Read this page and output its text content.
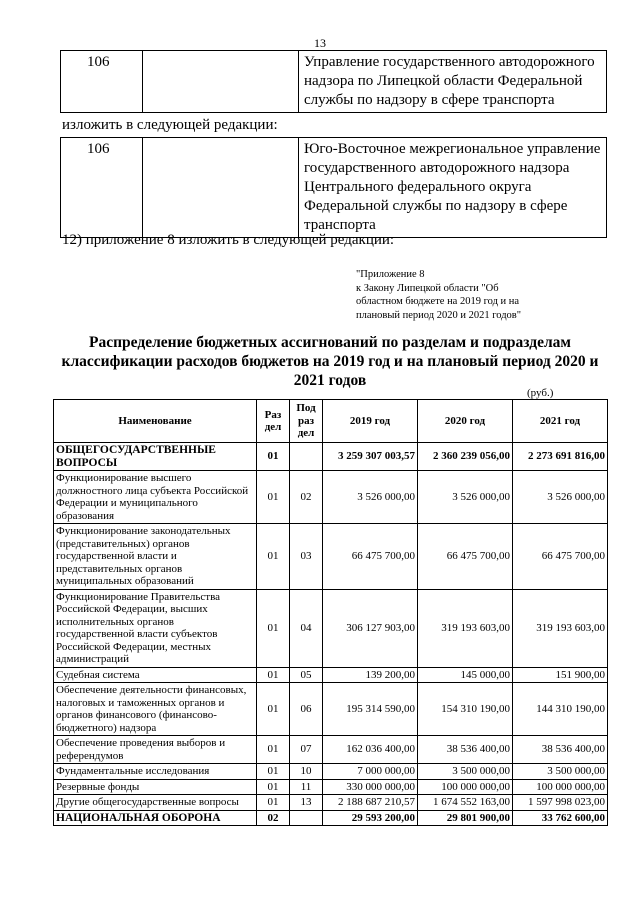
13
106		Управление государственного автодорожного надзора по Липецкой области Федеральной службы по надзору в сфере транспорта
изложить в следующей редакции:
106		Юго-Восточное межрегиональное управление государственного автодорожного надзора Центрального федерального округа Федеральной службы по надзору в сфере транспорта
12) приложение 8 изложить в следующей редакции:
"Приложение 8
к Закону Липецкой области "Об
областном бюджете на 2019 год и на
плановый период 2020 и 2021 годов"
Распределение бюджетных ассигнований по разделам и подразделам классификации расходов бюджетов на 2019 год и на плановый период 2020 и 2021 годов
(руб.)
Наименование	Раз дел	Под раз дел	2019 год	2020 год	2021 год
ОБЩЕГОСУДАРСТВЕННЫЕ ВОПРОСЫ	01		3 259 307 003,57	2 360 239 056,00	2 273 691 816,00
Функционирование высшего должностного лица субъекта Российской Федерации и муниципального образования	01	02	3 526 000,00	3 526 000,00	3 526 000,00
Функционирование законодательных (представительных) органов государственной власти и представительных органов муниципальных образований	01	03	66 475 700,00	66 475 700,00	66 475 700,00
Функционирование Правительства Российской Федерации, высших исполнительных органов государственной власти субъектов Российской Федерации, местных администраций	01	04	306 127 903,00	319 193 603,00	319 193 603,00
Судебная система	01	05	139 200,00	145 000,00	151 900,00
Обеспечение деятельности финансовых, налоговых и таможенных органов и органов финансового (финансово-бюджетного) надзора	01	06	195 314 590,00	154 310 190,00	144 310 190,00
Обеспечение проведения выборов и референдумов	01	07	162 036 400,00	38 536 400,00	38 536 400,00
Фундаментальные исследования	01	10	7 000 000,00	3 500 000,00	3 500 000,00
Резервные фонды	01	11	330 000 000,00	100 000 000,00	100 000 000,00
Другие общегосударственные вопросы	01	13	2 188 687 210,57	1 674 552 163,00	1 597 998 023,00
НАЦИОНАЛЬНАЯ ОБОРОНА	02		29 593 200,00	29 801 900,00	33 762 600,00
